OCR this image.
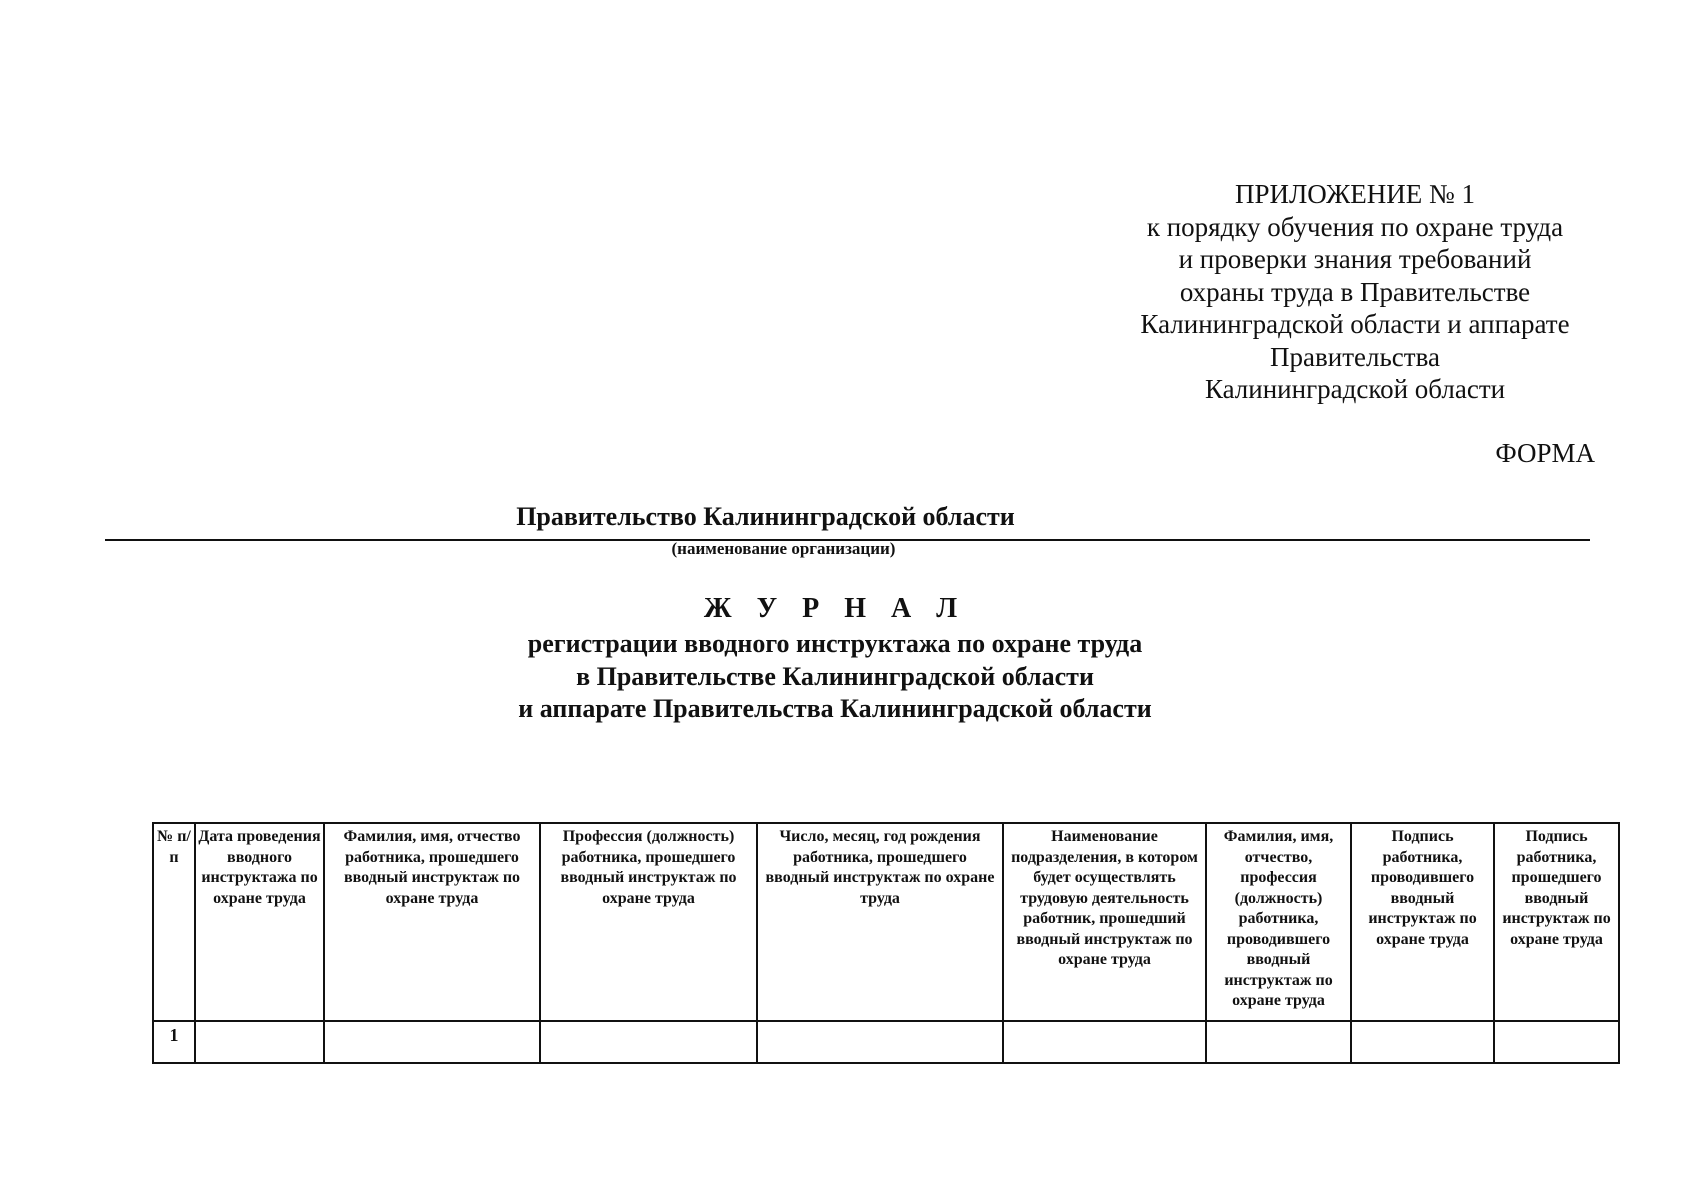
ПРИЛОЖЕНИЕ № 1
к порядку обучения по охране труда
и проверки знания требований
охраны труда в Правительстве
Калининградской области и аппарате
Правительства
Калининградской области
ФОРМА
Правительство Калининградской области
(наименование организации)
Ж У Р Н А Л
регистрации вводного инструктажа по охране труда
в Правительстве Калининградской области
и аппарате Правительства Калининградской области
№ п/п	Дата проведения вводного инструктажа по охране труда	Фамилия, имя, отчество работника, прошедшего вводный инструктаж по охране труда	Профессия (должность) работника, прошедшего вводный инструктаж по охране труда	Число, месяц, год рождения работника, прошедшего вводный инструктаж по охране труда	Наименование подразделения, в котором будет осуществлять трудовую деятельность работник, прошедший вводный инструктаж по охране труда	Фамилия, имя, отчество, профессия (должность) работника, проводившего вводный инструктаж по охране труда	Подпись работника, проводившего вводный инструктаж по охране труда	Подпись работника, прошедшего вводный инструктаж по охране труда
1								
